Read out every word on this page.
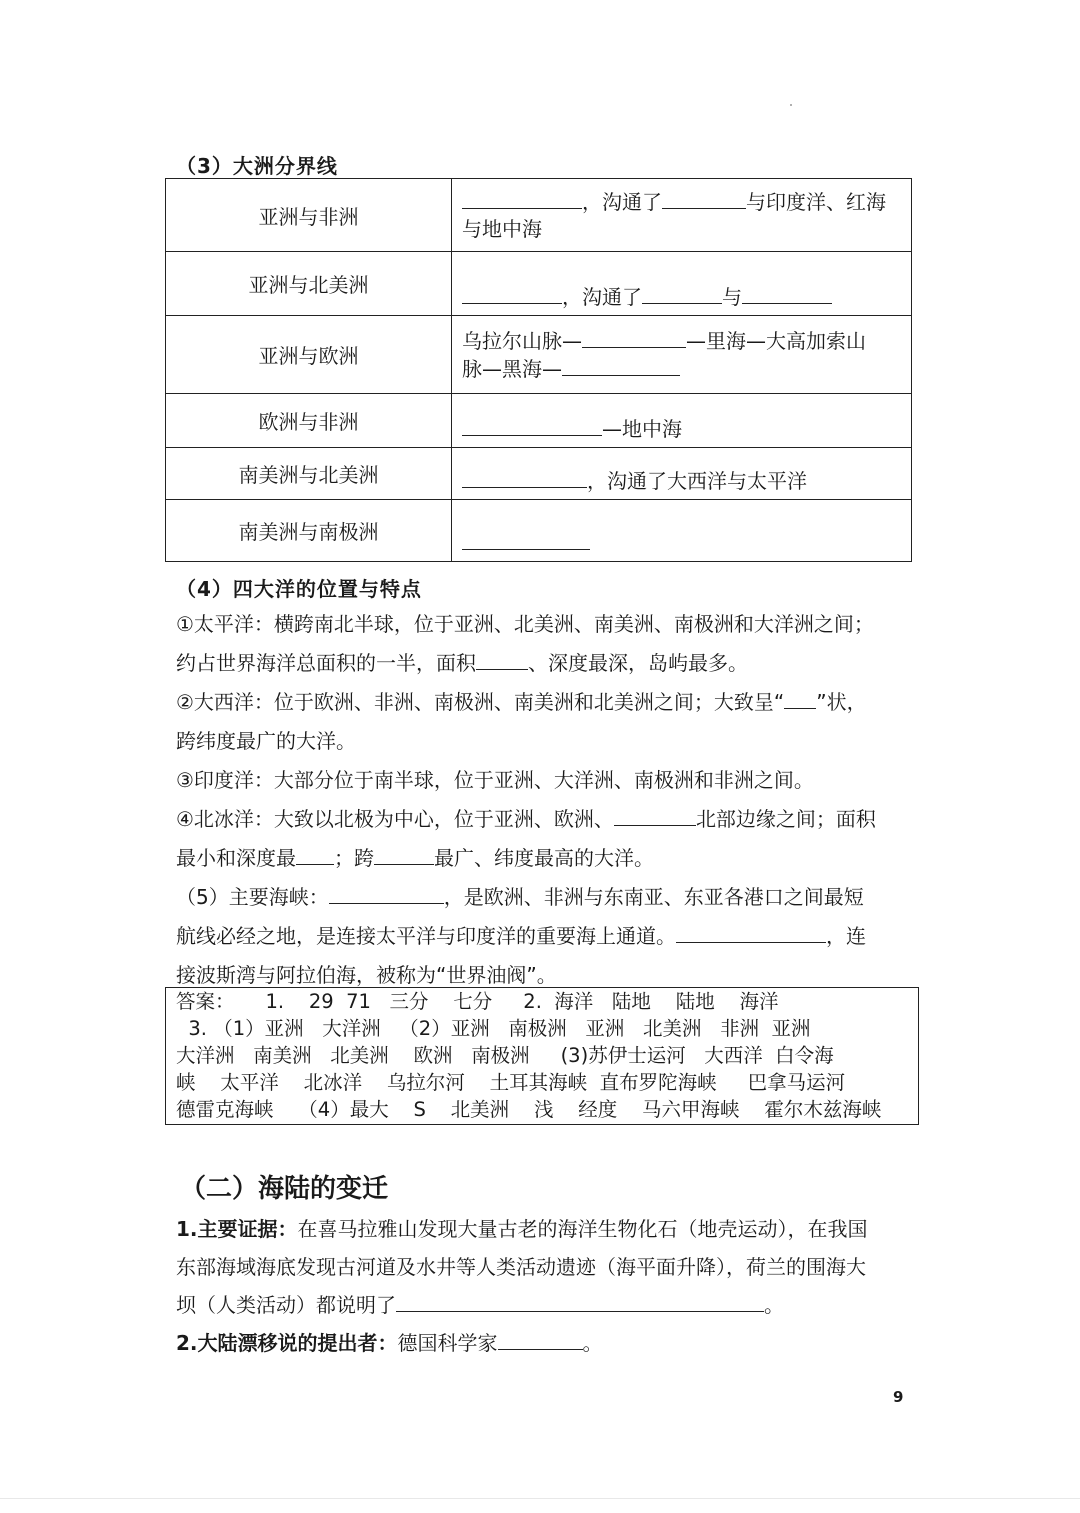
（3）大洲分界线
亚洲与非洲	，沟通了 与印度洋、红海
与地中海
亚洲与北美洲	，沟通了 与
亚洲与欧洲	乌拉尔山脉— —里海—大高加索山
脉—黑海—
欧洲与非洲	—地中海
南美洲与北美洲	，沟通了大西洋与太平洋
南美洲与南极洲	
（4）四大洋的位置与特点

①太平洋：横跨南北半球，位于亚洲、北美洲、南美洲、南极洲和大洋洲之间；

约占世界海洋总面积的一半，面积	、深度最深，岛屿最多。

②大西洋：位于欧洲、非洲、南极洲、南美洲和北美洲之间；大致呈“ ”状，

跨纬度最广的大洋。

③印度洋：大部分位于南半球，位于亚洲、大洋洲、南极洲和非洲之间。

④北冰洋：大致以北极为中心，位于亚洲、欧洲、	北部边缘之间；面积

最小和深度最 ；跨	最广、纬度最高的大洋。

（5）主要海峡：	，是欧洲、非洲与东南亚、东亚各港口之间最短

航线必经之地，是连接太平洋与印度洋的重要海上通道。	，连

接波斯湾与阿拉伯海，被称为“世界油阀”。

答案：     1.    29  71   三分    七分     2.  海洋   陆地    陆地    海洋
3. （1）亚洲   大洋洲   （2）亚洲   南极洲   亚洲   北美洲   非洲  亚洲
大洋洲   南美洲   北美洲    欧洲   南极洲     (3)苏伊士运河   大西洋  白令海
峡    太平洋    北冰洋    乌拉尔河    土耳其海峡  直布罗陀海峡     巴拿马运河
德雷克海峡    （4）最大    S    北美洲    浅    经度    马六甲海峡    霍尔木兹海峡
（二）海陆的变迁

1.主要证据：在喜马拉雅山发现大量古老的海洋生物化石（地壳运动），在我国

东部海域海底发现古河道及水井等人类活动遗迹（海平面升降），荷兰的围海大

坝（人类活动）都说明了	。

2.大陆漂移说的提出者：德国科学家	。

9
